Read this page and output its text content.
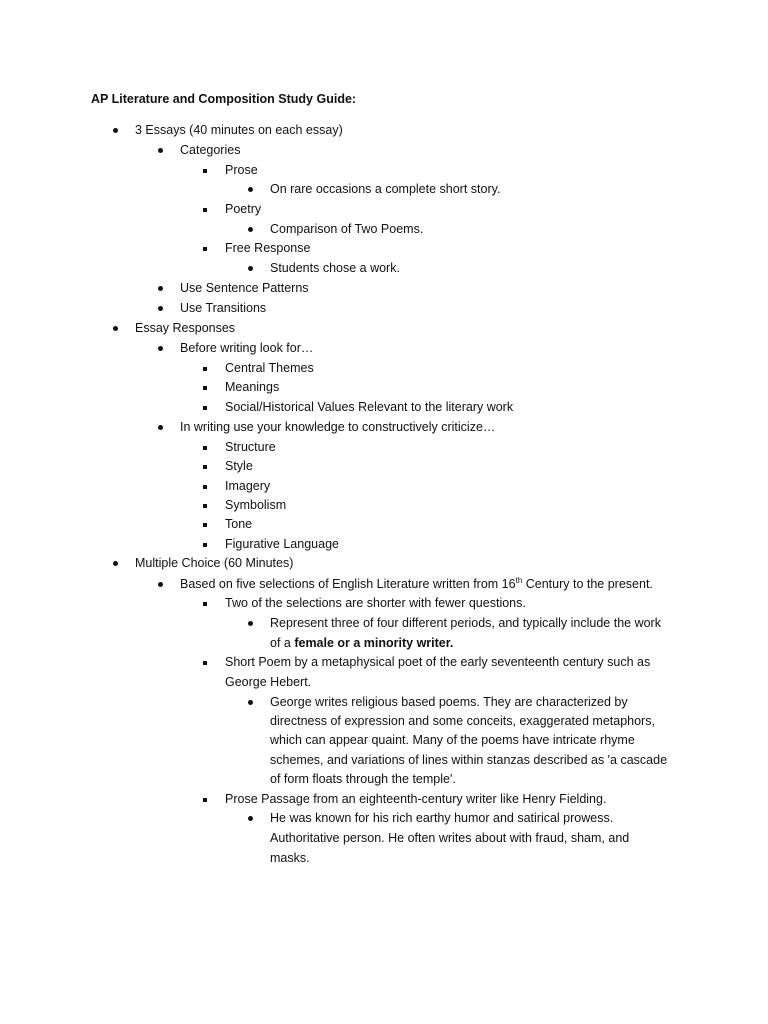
AP Literature and Composition Study Guide:
3 Essays (40 minutes on each essay)
Categories
Prose
On rare occasions a complete short story.
Poetry
Comparison of Two Poems.
Free Response
Students chose a work.
Use Sentence Patterns
Use Transitions
Essay Responses
Before writing look for…
Central Themes
Meanings
Social/Historical Values Relevant to the literary work
In writing use your knowledge to constructively criticize…
Structure
Style
Imagery
Symbolism
Tone
Figurative Language
Multiple Choice (60 Minutes)
Based on five selections of English Literature written from 16th Century to the present.
Two of the selections are shorter with fewer questions.
Represent three of four different periods, and typically include the work
of a female or a minority writer.
Short Poem by a metaphysical poet of the early seventeenth century such as
George Hebert.
George writes religious based poems. They are characterized by
directness of expression and some conceits, exaggerated metaphors,
which can appear quaint. Many of the poems have intricate rhyme
schemes, and variations of lines within stanzas described as 'a cascade
of form floats through the temple'.
Prose Passage from an eighteenth-century writer like Henry Fielding.
He was known for his rich earthy humor and satirical prowess.
Authoritative person. He often writes about with fraud, sham, and
masks.
